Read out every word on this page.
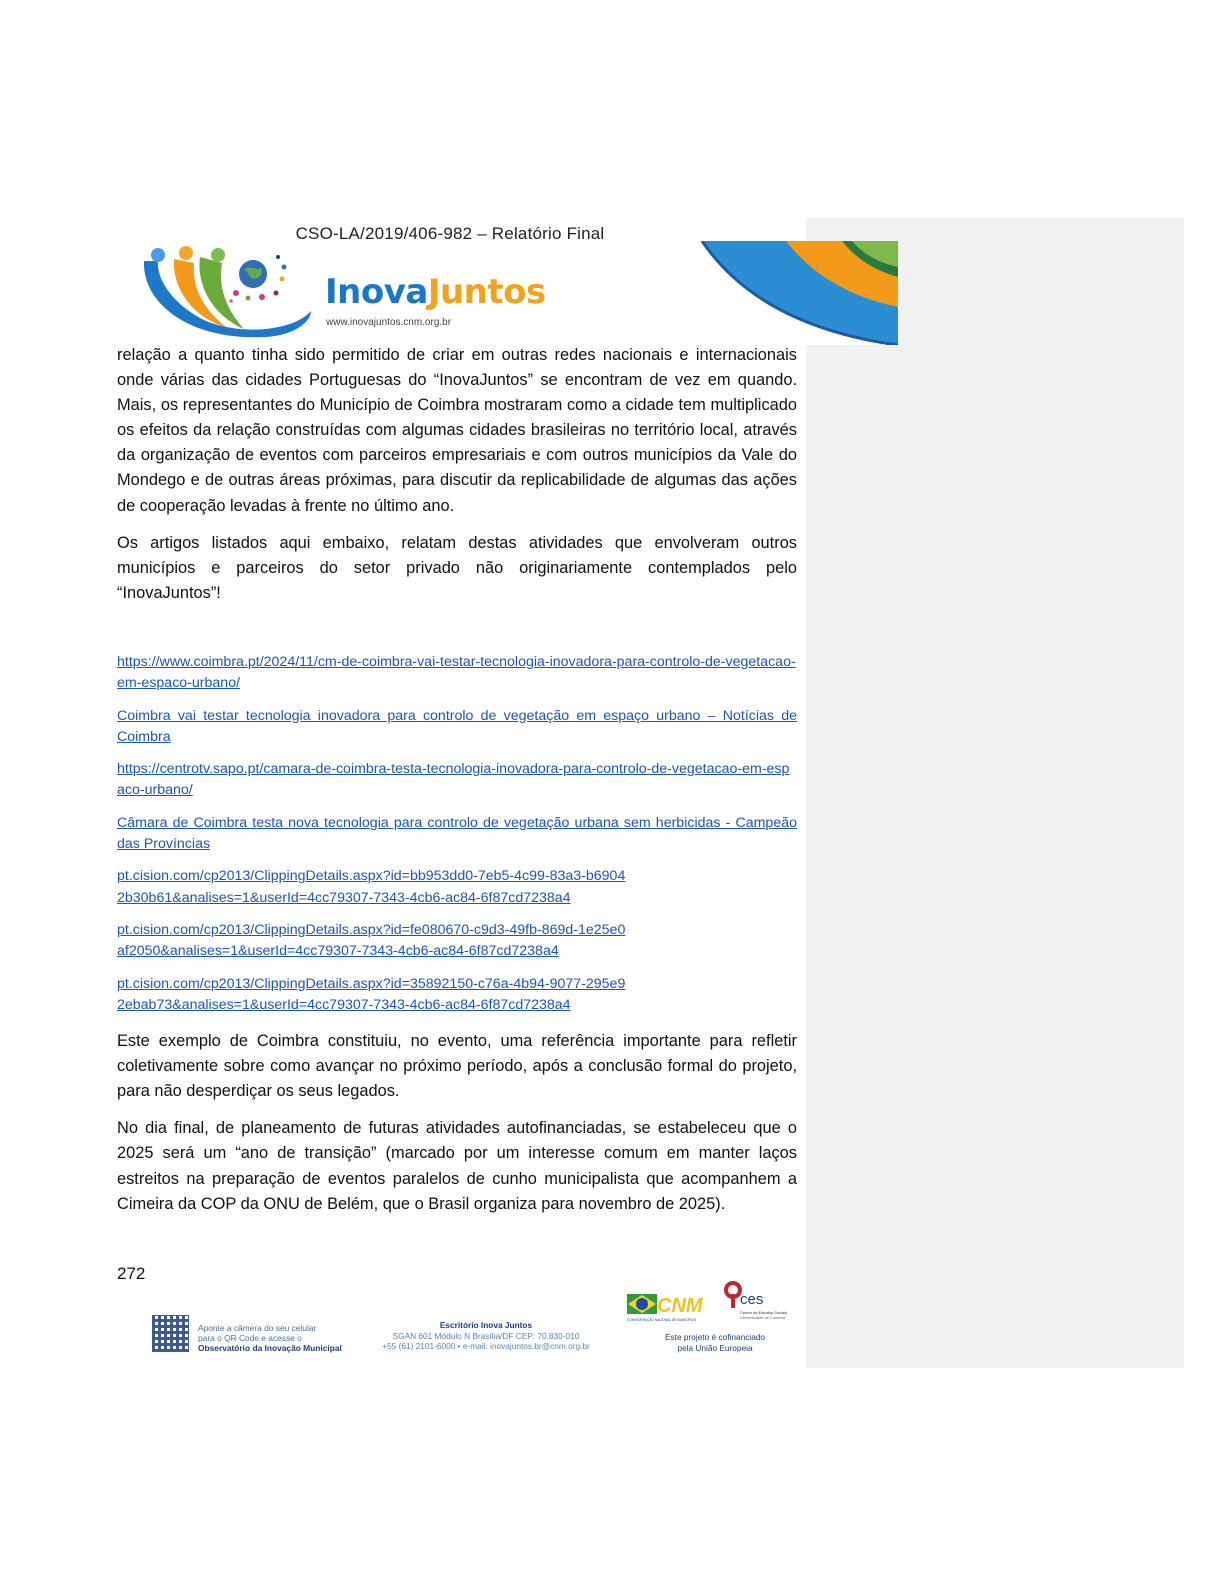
CSO-LA/2019/406-982 – Relatório Final
InovaJuntos
www.inovajuntos.cnm.org.br

relação a quanto tinha sido permitido de criar em outras redes nacionais e internacionais onde várias das cidades Portuguesas do “InovaJuntos” se encontram de vez em quando. Mais, os representantes do Município de Coimbra mostraram como a cidade tem multiplicado os efeitos da relação construídas com algumas cidades brasileiras no território local, através da organização de eventos com parceiros empresariais e com outros municípios da Vale do Mondego e de outras áreas próximas, para discutir da replicabilidade de algumas das ações de cooperação levadas à frente no último ano.

Os artigos listados aqui embaixo, relatam destas atividades que envolveram outros municípios e parceiros do setor privado não originariamente contemplados pelo “InovaJuntos”!

https://www.coimbra.pt/2024/11/cm-de-coimbra-vai-testar-tecnologia-inovadora-para-controlo-de-vegetacao-em-espaco-urbano/
Coimbra vai testar tecnologia inovadora para controlo de vegetação em espaço urbano – Notícias de Coimbra
https://centrotv.sapo.pt/camara-de-coimbra-testa-tecnologia-inovadora-para-controlo-de-vegetacao-em-espaco-urbano/
Câmara de Coimbra testa nova tecnologia para controlo de vegetação urbana sem herbicidas - Campeão das Províncias
pt.cision.com/cp2013/ClippingDetails.aspx?id=bb953dd0-7eb5-4c99-83a3-b69042b30b61&analises=1&userId=4cc79307-7343-4cb6-ac84-6f87cd7238a4
pt.cision.com/cp2013/ClippingDetails.aspx?id=fe080670-c9d3-49fb-869d-1e25e0af2050&analises=1&userId=4cc79307-7343-4cb6-ac84-6f87cd7238a4
pt.cision.com/cp2013/ClippingDetails.aspx?id=35892150-c76a-4b94-9077-295e92ebab73&analises=1&userId=4cc79307-7343-4cb6-ac84-6f87cd7238a4

Este exemplo de Coimbra constituiu, no evento, uma referência importante para refletir coletivamente sobre como avançar no próximo período, após a conclusão formal do projeto, para não desperdiçar os seus legados.

No dia final, de planeamento de futuras atividades autofinanciadas, se estabeleceu que o 2025 será um “ano de transição” (marcado por um interesse comum em manter laços estreitos na preparação de eventos paralelos de cunho municipalista que acompanhem a Cimeira da COP da ONU de Belém, que o Brasil organiza para novembro de 2025).

272
Aponte a câmera do seu celular
para o QR Code e acesse o
Observatório da Inovação Municipal
Escritório Inova Juntos
SGAN 601 Módulo N Brasília/DF CEP: 70.830-010
+55 (61) 2101-6000 • e-mail: inovajuntos.br@cnm.org.br
CNM
CONFEDERAÇÃO NACIONAL DE MUNICÍPIOS
ces
Centro de Estudos Sociais
Universidade de Coimbra
Este projeto é cofinanciado
pela União Europeia
